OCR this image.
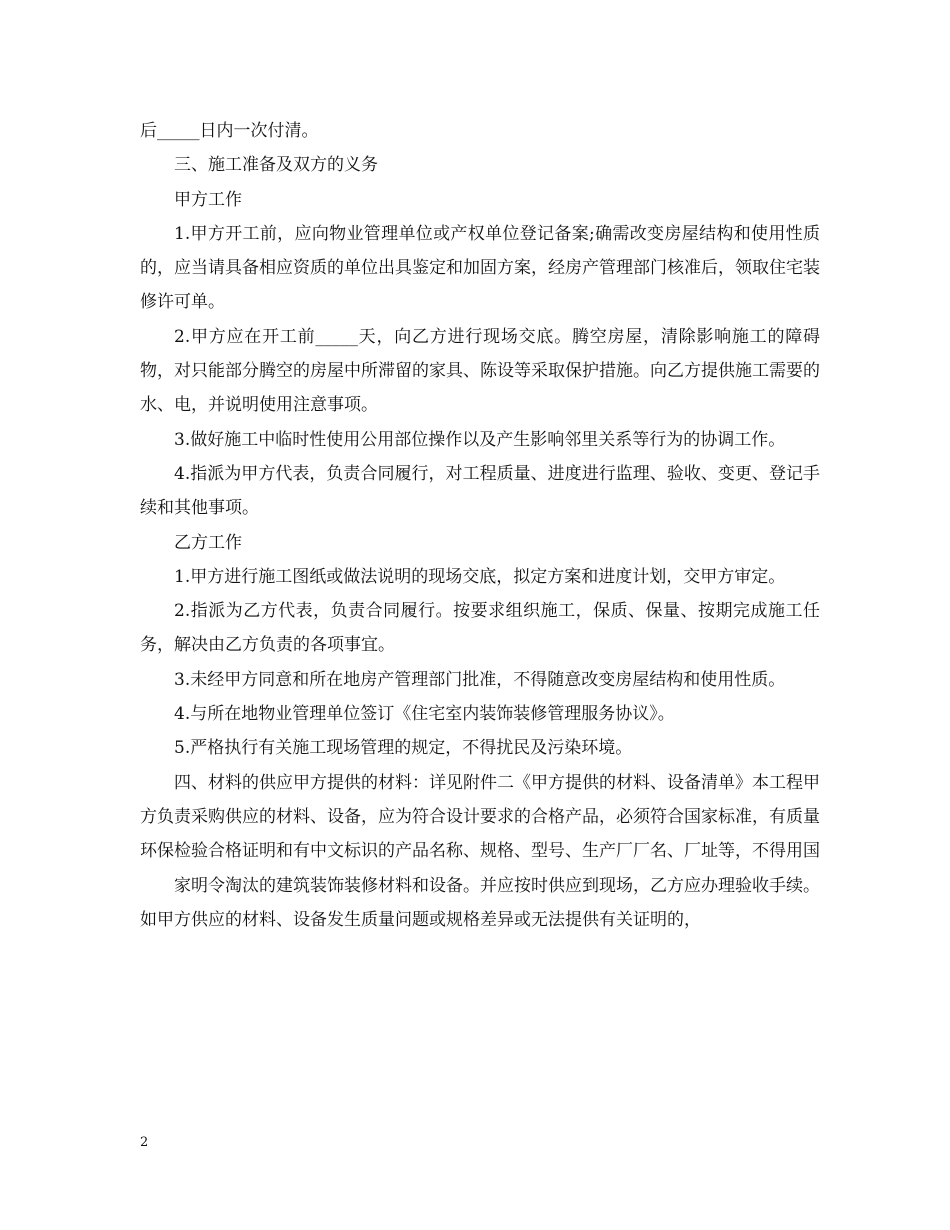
后_____日内一次付清。

三、施工准备及双方的义务

甲方工作

1.甲方开工前，应向物业管理单位或产权单位登记备案;确需改变房屋结构和使用性质的，应当请具备相应资质的单位出具鉴定和加固方案，经房产管理部门核准后，领取住宅装修许可单。

2.甲方应在开工前_____天，向乙方进行现场交底。腾空房屋，清除影响施工的障碍物，对只能部分腾空的房屋中所滞留的家具、陈设等采取保护措施。向乙方提供施工需要的水、电，并说明使用注意事项。

3.做好施工中临时性使用公用部位操作以及产生影响邻里关系等行为的协调工作。

4.指派为甲方代表，负责合同履行，对工程质量、进度进行监理、验收、变更、登记手续和其他事项。

乙方工作

1.甲方进行施工图纸或做法说明的现场交底，拟定方案和进度计划，交甲方审定。

2.指派为乙方代表，负责合同履行。按要求组织施工，保质、保量、按期完成施工任务，解决由乙方负责的各项事宜。

3.未经甲方同意和所在地房产管理部门批准，不得随意改变房屋结构和使用性质。

4.与所在地物业管理单位签订《住宅室内装饰装修管理服务协议》。

5.严格执行有关施工现场管理的规定，不得扰民及污染环境。

四、材料的供应甲方提供的材料：详见附件二《甲方提供的材料、设备清单》本工程甲方负责采购供应的材料、设备，应为符合设计要求的合格产品，必须符合国家标准，有质量环保检验合格证明和有中文标识的产品名称、规格、型号、生产厂厂名、厂址等，不得用国

家明令淘汰的建筑装饰装修材料和设备。并应按时供应到现场，乙方应办理验收手续。如甲方供应的材料、设备发生质量问题或规格差异或无法提供有关证明的，

2
